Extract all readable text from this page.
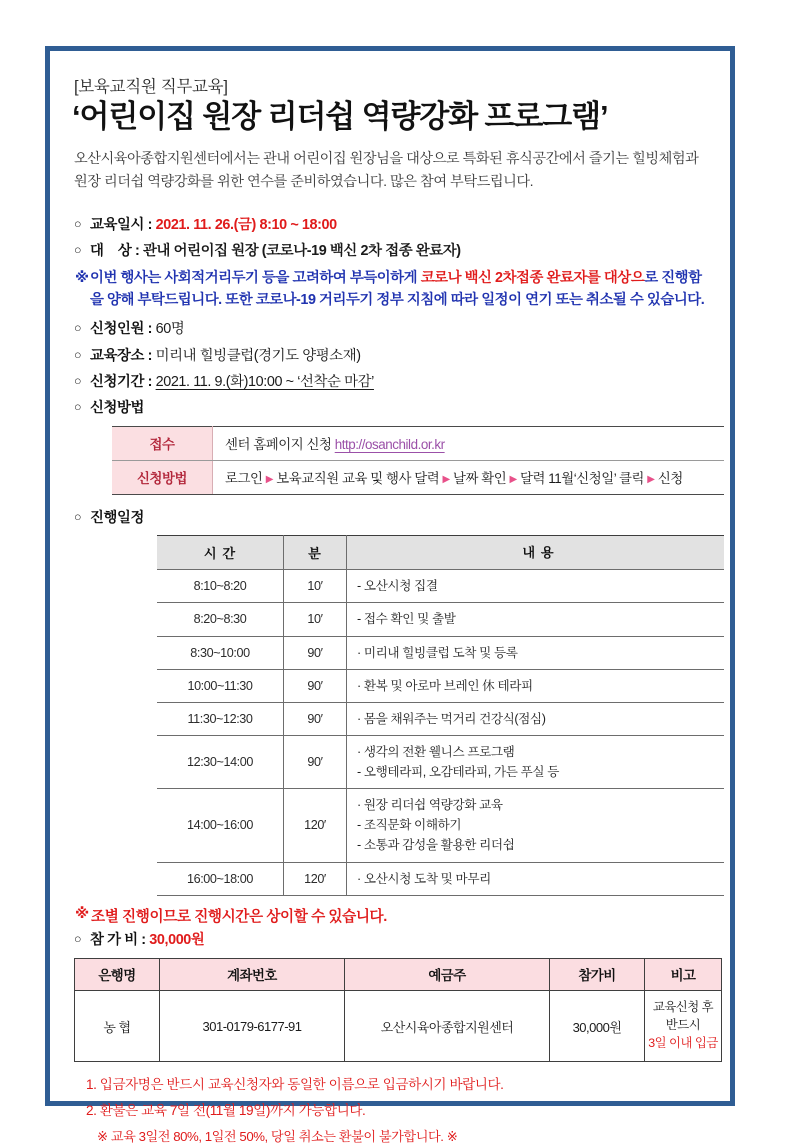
[보육교직원 직무교육]
‘어린이집 원장 리더쉽 역량강화 프로그램’
오산시육아종합지원센터에서는 관내 어린이집 원장님을 대상으로 특화된 휴식공간에서 즐기는 힐빙체험과 원장 리더쉽 역량강화를 위한 연수를 준비하였습니다. 많은 참여 부탁드립니다.
○ 교육일시 : 2021. 11. 26.(금) 8:10 ~ 18:00
○ 대    상 : 관내 어린이집 원장 (코로나-19 백신 2차 접종 완료자)
※ 이번 행사는 사회적거리두기 등을 고려하여 부득이하게 코로나 백신 2차접종 완료자를 대상으로 진행함을 양해 부탁드립니다. 또한 코로나-19 거리두기 정부 지침에 따라 일정이 연기 또는 취소될 수 있습니다.
○ 신청인원 : 60명
○ 교육장소 : 미리내 힐빙클럽(경기도 양평소재)
○ 신청기간 : 2021. 11. 9.(화)10:00 ~ ‘선착순 마감’
○ 신청방법
접수	센터 홈페이지 신청 http://osanchild.or.kr
신청방법	로그인 ▶ 보육교직원 교육 및 행사 달력 ▶ 날짜 확인 ▶ 달력 11월‘신청일’ 클릭 ▶ 신청
○ 진행일정
시 간	분	내 용
8:10~8:20	10′	- 오산시청 집결

8:20~8:30	10′	- 접수 확인 및 출발

8:30~10:00	90′	· 미리내 힐빙클럽 도착 및 등록

10:00~11:30	90′	· 환복 및 아로마 브레인 休 테라피

11:30~12:30	90′	· 몸을 채워주는 먹거리 건강식(점심)

12:30~14:00	90′	· 생각의 전환 웰니스 프로그램
- 오행테라피, 오감테라피, 가든 푸실 등

14:00~16:00	120′	· 원장 리더쉽 역량강화 교육
- 조직문화 이해하기
- 소통과 감성을 활용한 리더쉽

16:00~18:00	120′	· 오산시청 도착 및 마무리
※ 조별 진행이므로 진행시간은 상이할 수 있습니다.
○ 참 가 비 : 30,000원
은행명	계좌번호	예금주	참가비	비고
농 협	301-0179-6177-91	오산시육아종합지원센터	30,000원	교육신청 후 반드시
3일 이내 입금
1. 입금자명은 반드시 교육신청자와 동일한 이름으로 입금하시기 바랍니다.
2. 환불은 교육 7일 전(11월 19일)까지 가능합니다.
※ 교육 3일전 80%, 1일전 50%, 당일 취소는 환불이 불가합니다. ※
